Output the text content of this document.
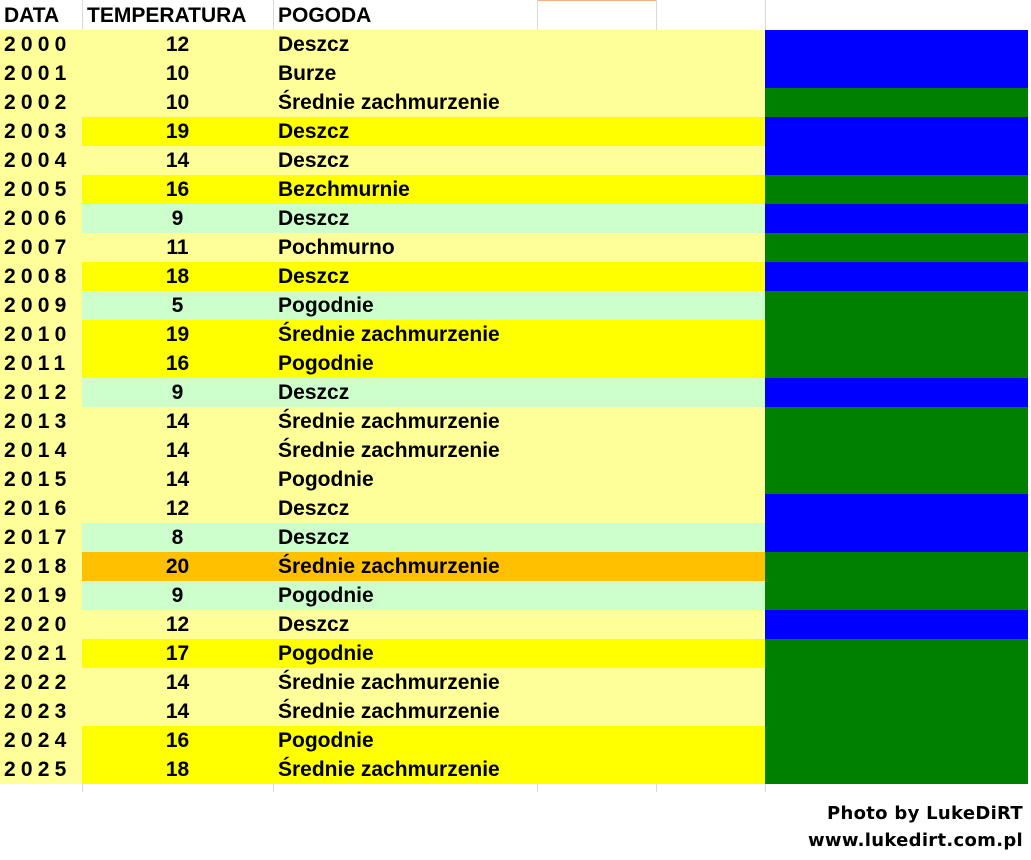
DATA	TEMPERATURA	POGODA
2000	12	Deszcz
2001	10	Burze
2002	10	Średnie zachmurzenie
2003	19	Deszcz
2004	14	Deszcz
2005	16	Bezchmurnie
2006	9	Deszcz
2007	11	Pochmurno
2008	18	Deszcz
2009	5	Pogodnie
2010	19	Średnie zachmurzenie
2011	16	Pogodnie
2012	9	Deszcz
2013	14	Średnie zachmurzenie
2014	14	Średnie zachmurzenie
2015	14	Pogodnie
2016	12	Deszcz
2017	8	Deszcz
2018	20	Średnie zachmurzenie
2019	9	Pogodnie
2020	12	Deszcz
2021	17	Pogodnie
2022	14	Średnie zachmurzenie
2023	14	Średnie zachmurzenie
2024	16	Pogodnie
2025	18	Średnie zachmurzenie
Photo by LukeDiRT
www.lukedirt.com.pl
